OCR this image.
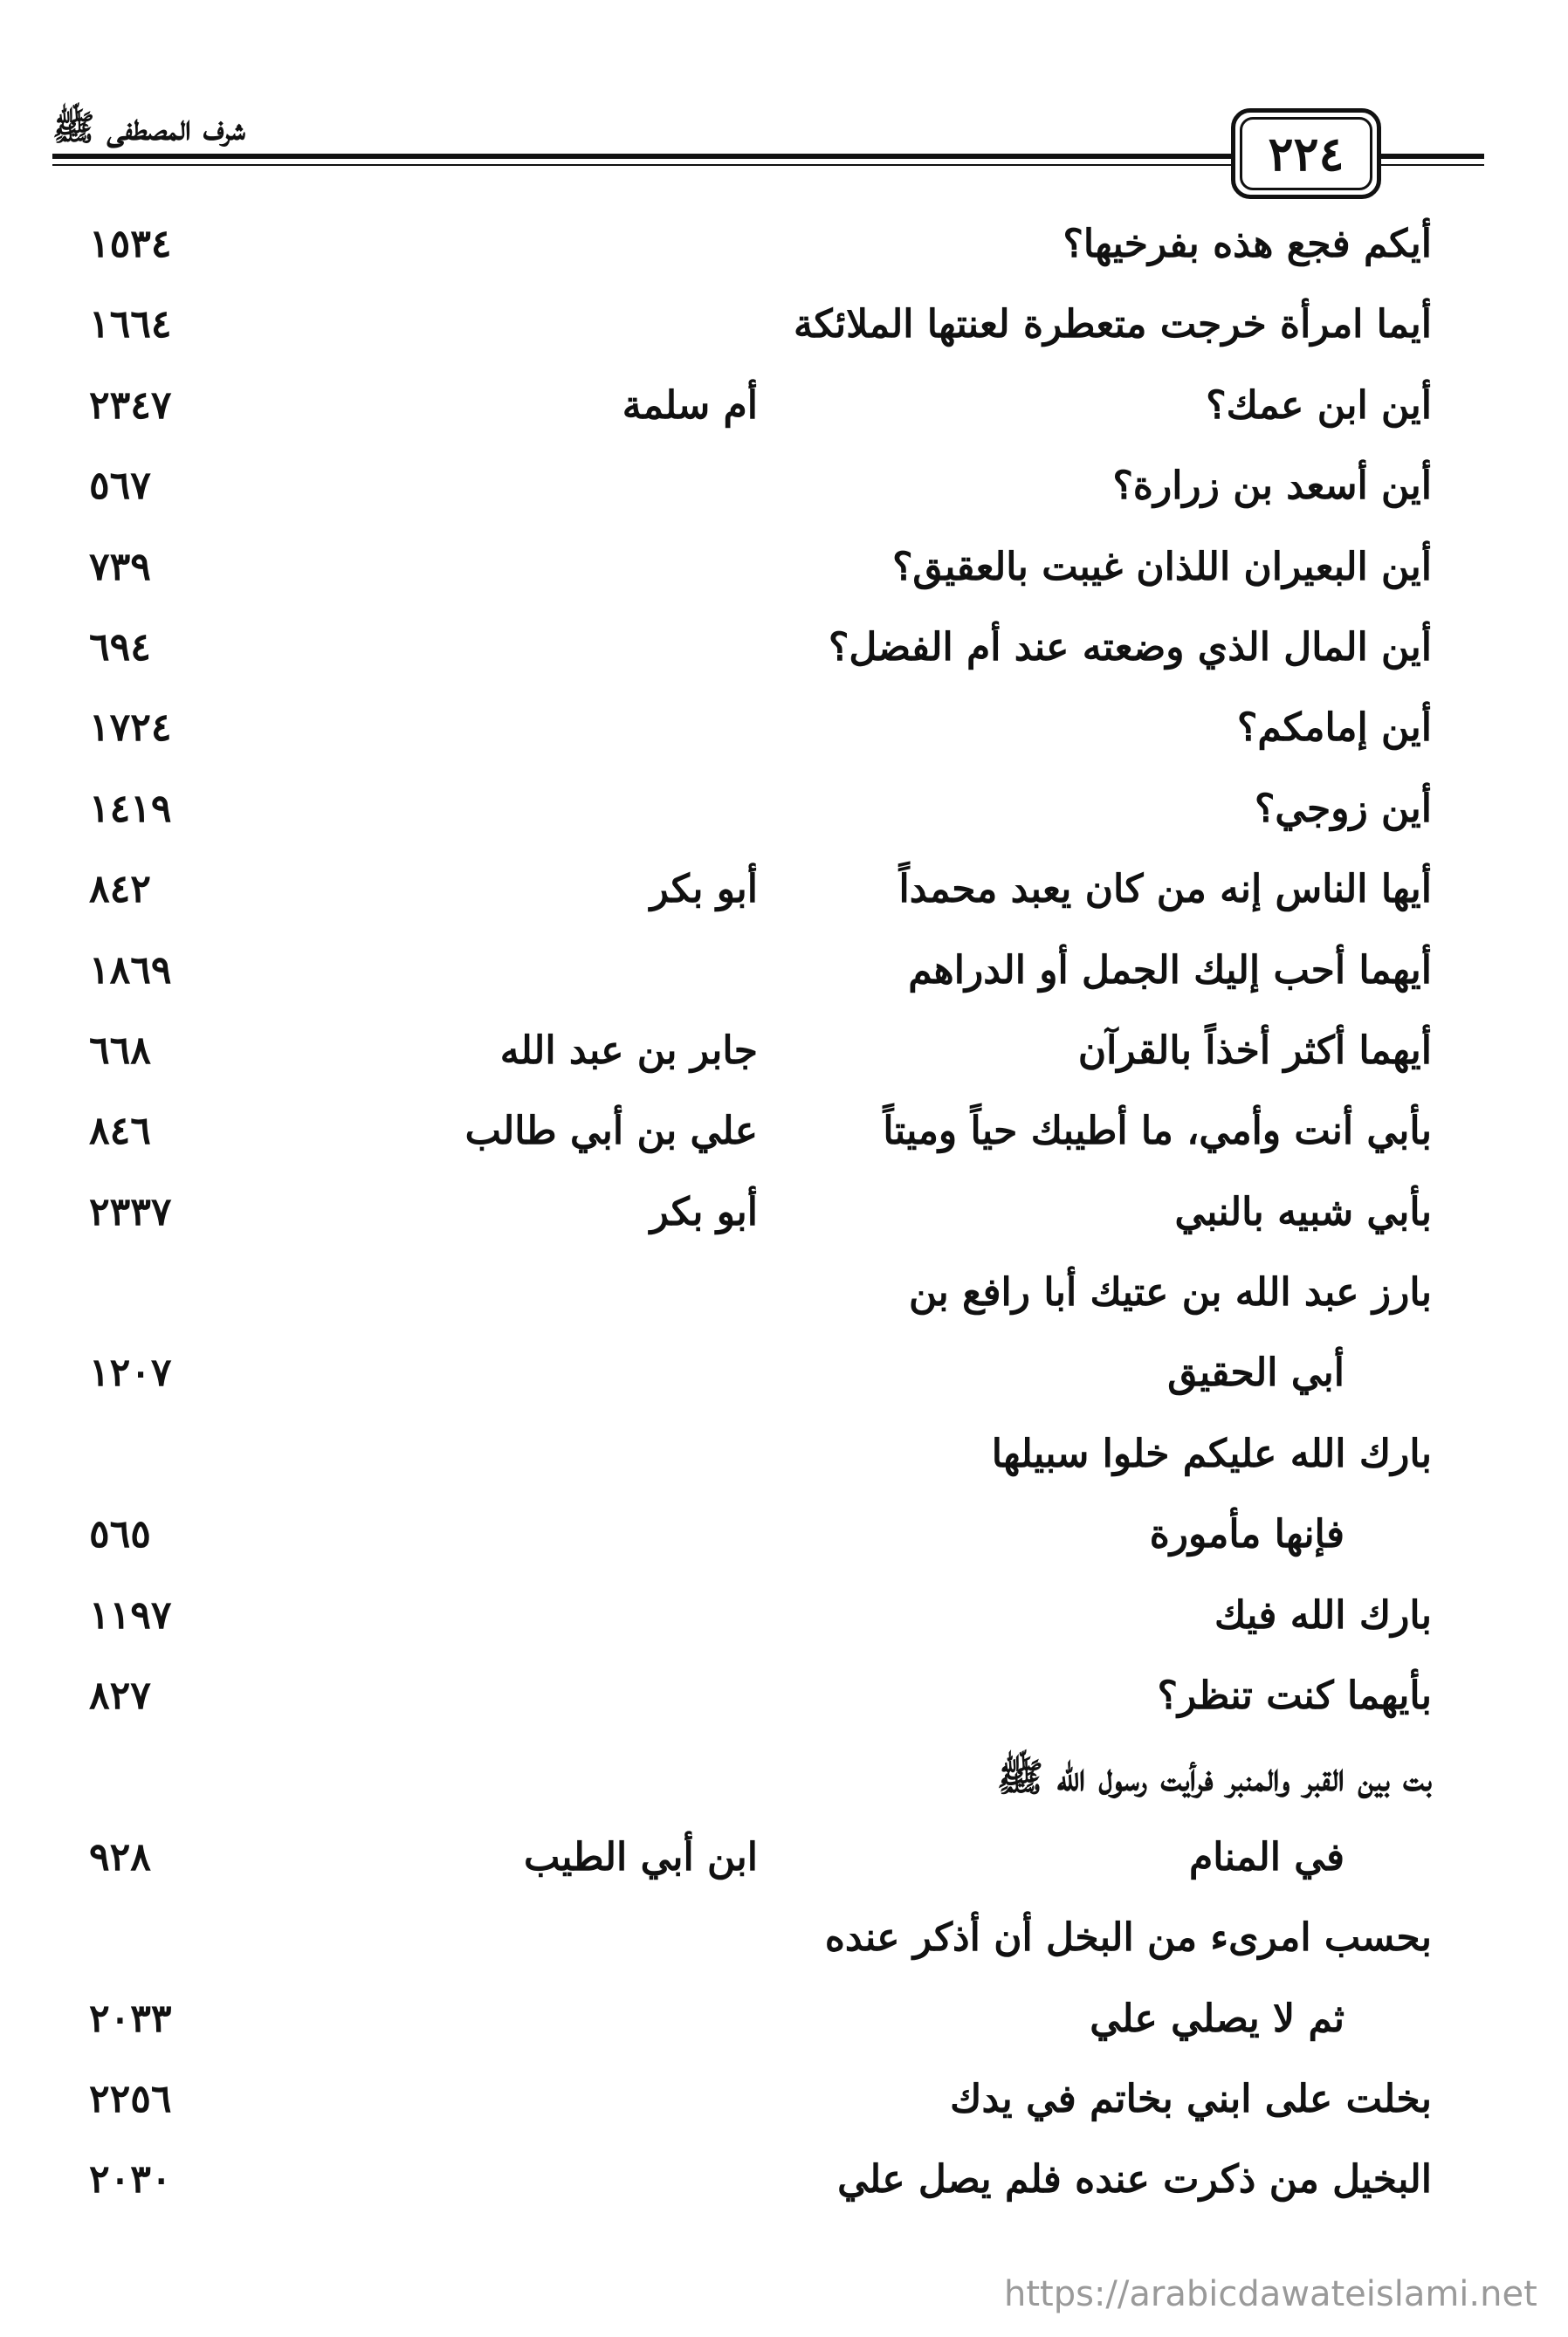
شرف المصطفى ﷺ	٢٢٤
أيكم فجع هذه بفرخيها؟
١٥٣٤
أيما امرأة خرجت متعطرة لعنتها الملائكة
١٦٦٤
أين ابن عمك؟
أم سلمة
٢٣٤٧
أين أسعد بن زرارة؟
٥٦٧
أين البعيران اللذان غيبت بالعقيق؟
٧٣٩
أين المال الذي وضعته عند أم الفضل؟
٦٩٤
أين إمامكم؟
١٧٢٤
أين زوجي؟
١٤١٩
أيها الناس إنه من كان يعبد محمداً
أبو بكر
٨٤٢
أيهما أحب إليك الجمل أو الدراهم
١٨٦٩
أيهما أكثر أخذاً بالقرآن
جابر بن عبد الله
٦٦٨
بأبي أنت وأمي، ما أطيبك حياً وميتاً
علي بن أبي طالب
٨٤٦
بأبي شبيه بالنبي
أبو بكر
٢٣٣٧
بارز عبد الله بن عتيك أبا رافع بن
أبي الحقيق
١٢٠٧
بارك الله عليكم خلوا سبيلها
فإنها مأمورة
٥٦٥
بارك الله فيك
١١٩٧
بأيهما كنت تنظر؟
٨٢٧
بت بين القبر والمنبر فرأيت رسول الله ﷺ
في المنام
ابن أبي الطيب
٩٢٨
بحسب امرىء من البخل أن أذكر عنده
ثم لا يصلي علي
٢٠٣٣
بخلت على ابني بخاتم في يدك
٢٢٥٦
البخيل من ذكرت عنده فلم يصل علي
٢٠٣٠
https://arabicdawateislami.net
